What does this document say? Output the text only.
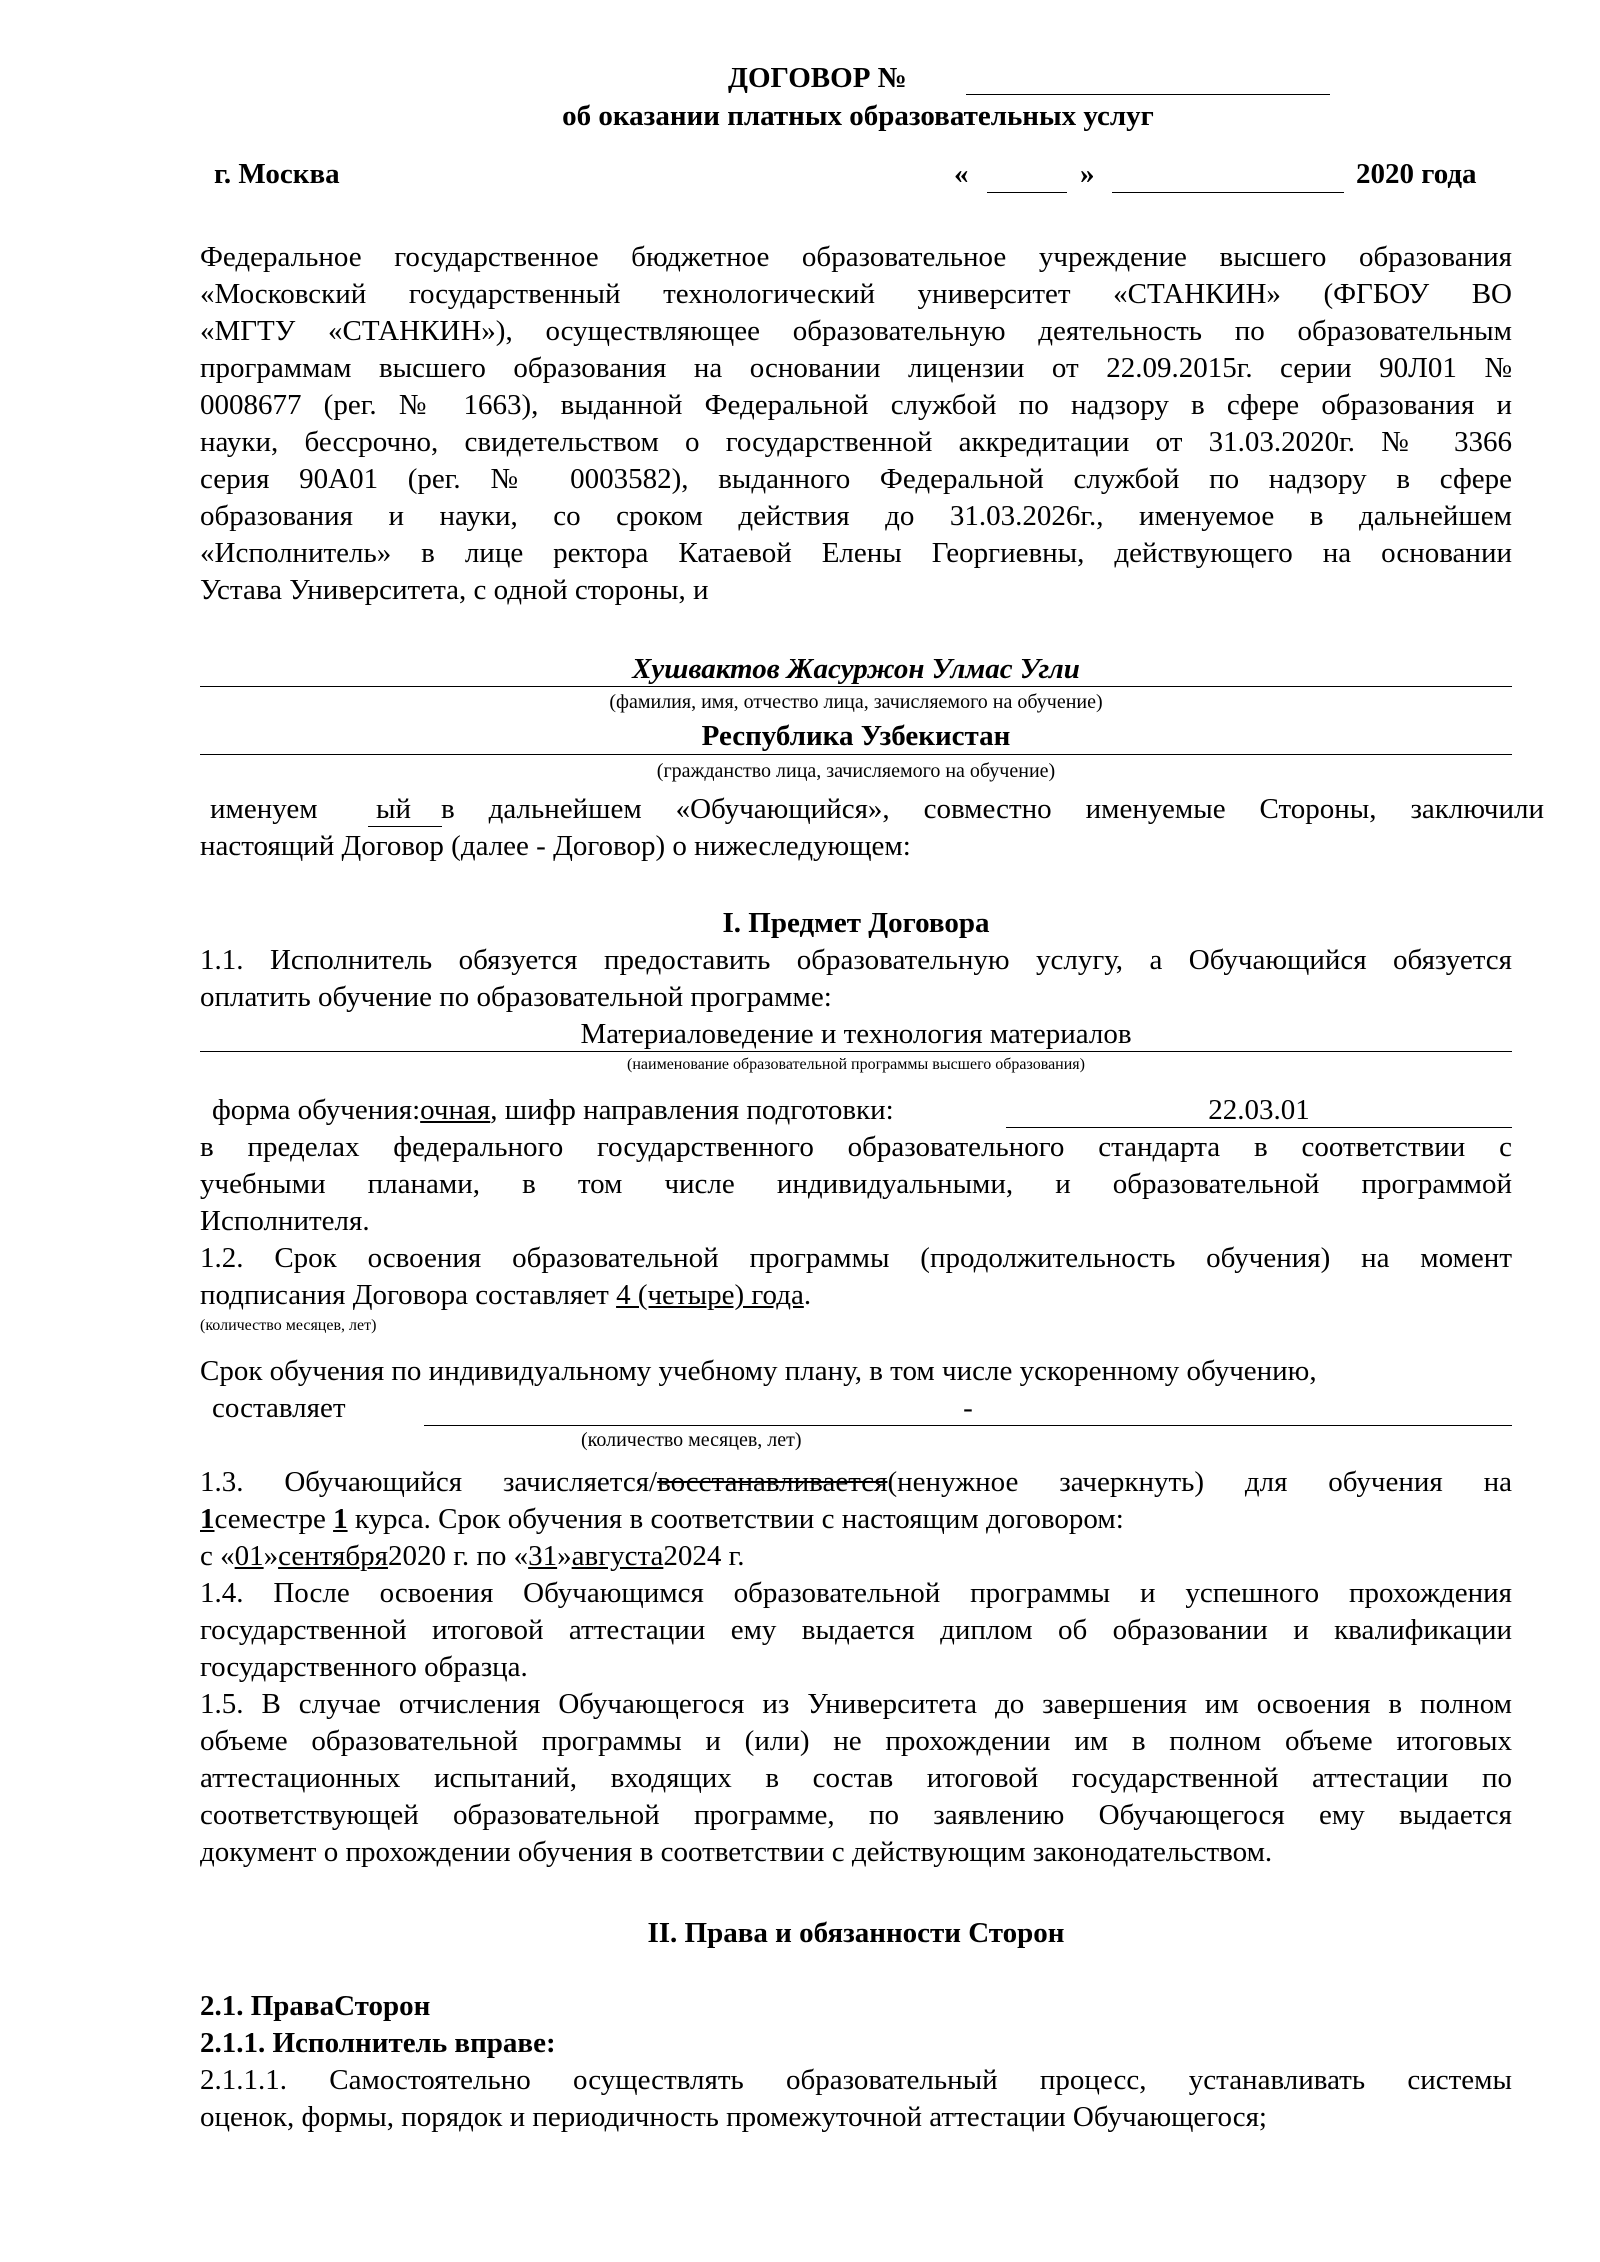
ДОГОВОР №
об оказании платных образовательных услуг
г. Москва	«	»	2020 года
Федеральное государственное бюджетное образовательное учреждение высшего образования
«Московский государственный технологический университет «СТАНКИН» (ФГБОУ ВО
«МГТУ «СТАНКИН»), осуществляющее образовательную деятельность по образовательным
программам высшего образования на основании лицензии от 22.09.2015г. серии 90Л01 №
0008677 (рег. № 1663), выданной Федеральной службой по надзору в сфере образования и
науки, бессрочно, свидетельством о государственной аккредитации от 31.03.2020г. № 3366
серия 90А01 (рег. № 0003582), выданного Федеральной службой по надзору в сфере
образования и науки, со сроком действия до 31.03.2026г., именуемое в дальнейшем
«Исполнитель» в лице ректора Катаевой Елены Георгиевны, действующего на основании
Устава Университета, с одной стороны, и
Хушвактов Жасуржон Улмас Угли
(фамилия, имя, отчество лица, зачисляемого на обучение)
Республика Узбекистан
(гражданство лица, зачисляемого на обучение)
именуем ый в дальнейшем «Обучающийся», совместно именуемые Стороны, заключили
настоящий Договор (далее - Договор) о нижеследующем:
I. Предмет Договора
1.1. Исполнитель обязуется предоставить образовательную услугу, а Обучающийся обязуется
оплатить обучение по образовательной программе:
Материаловедение и технология материалов
(наименование образовательной программы высшего образования)
форма обучения:очная, шифр направления подготовки:	22.03.01
в пределах федерального государственного образовательного стандарта в соответствии с
учебными планами, в том числе индивидуальными, и образовательной программой
Исполнителя.
1.2. Срок освоения образовательной программы (продолжительность обучения) на момент
подписания Договора составляет 4 (четыре) года.
(количество месяцев, лет)
Срок обучения по индивидуальному учебному плану, в том числе ускоренному обучению,
составляет	-
(количество месяцев, лет)
1.3. Обучающийся зачисляется/восстанавливается(ненужное зачеркнуть) для обучения на
1семестре 1 курса. Срок обучения в соответствии с настоящим договором:
с «01»сентября2020 г. по «31»августа2024 г.
1.4. После освоения Обучающимся образовательной программы и успешного прохождения
государственной итоговой аттестации ему выдается диплом об образовании и квалификации
государственного образца.
1.5. В случае отчисления Обучающегося из Университета до завершения им освоения в полном
объеме образовательной программы и (или) не прохождении им в полном объеме итоговых
аттестационных испытаний, входящих в состав итоговой государственной аттестации по
соответствующей образовательной программе, по заявлению Обучающегося ему выдается
документ о прохождении обучения в соответствии с действующим законодательством.
II. Права и обязанности Сторон
2.1. ПраваСторон
2.1.1. Исполнитель вправе:
2.1.1.1. Самостоятельно осуществлять образовательный процесс, устанавливать системы
оценок, формы, порядок и периодичность промежуточной аттестации Обучающегося;
